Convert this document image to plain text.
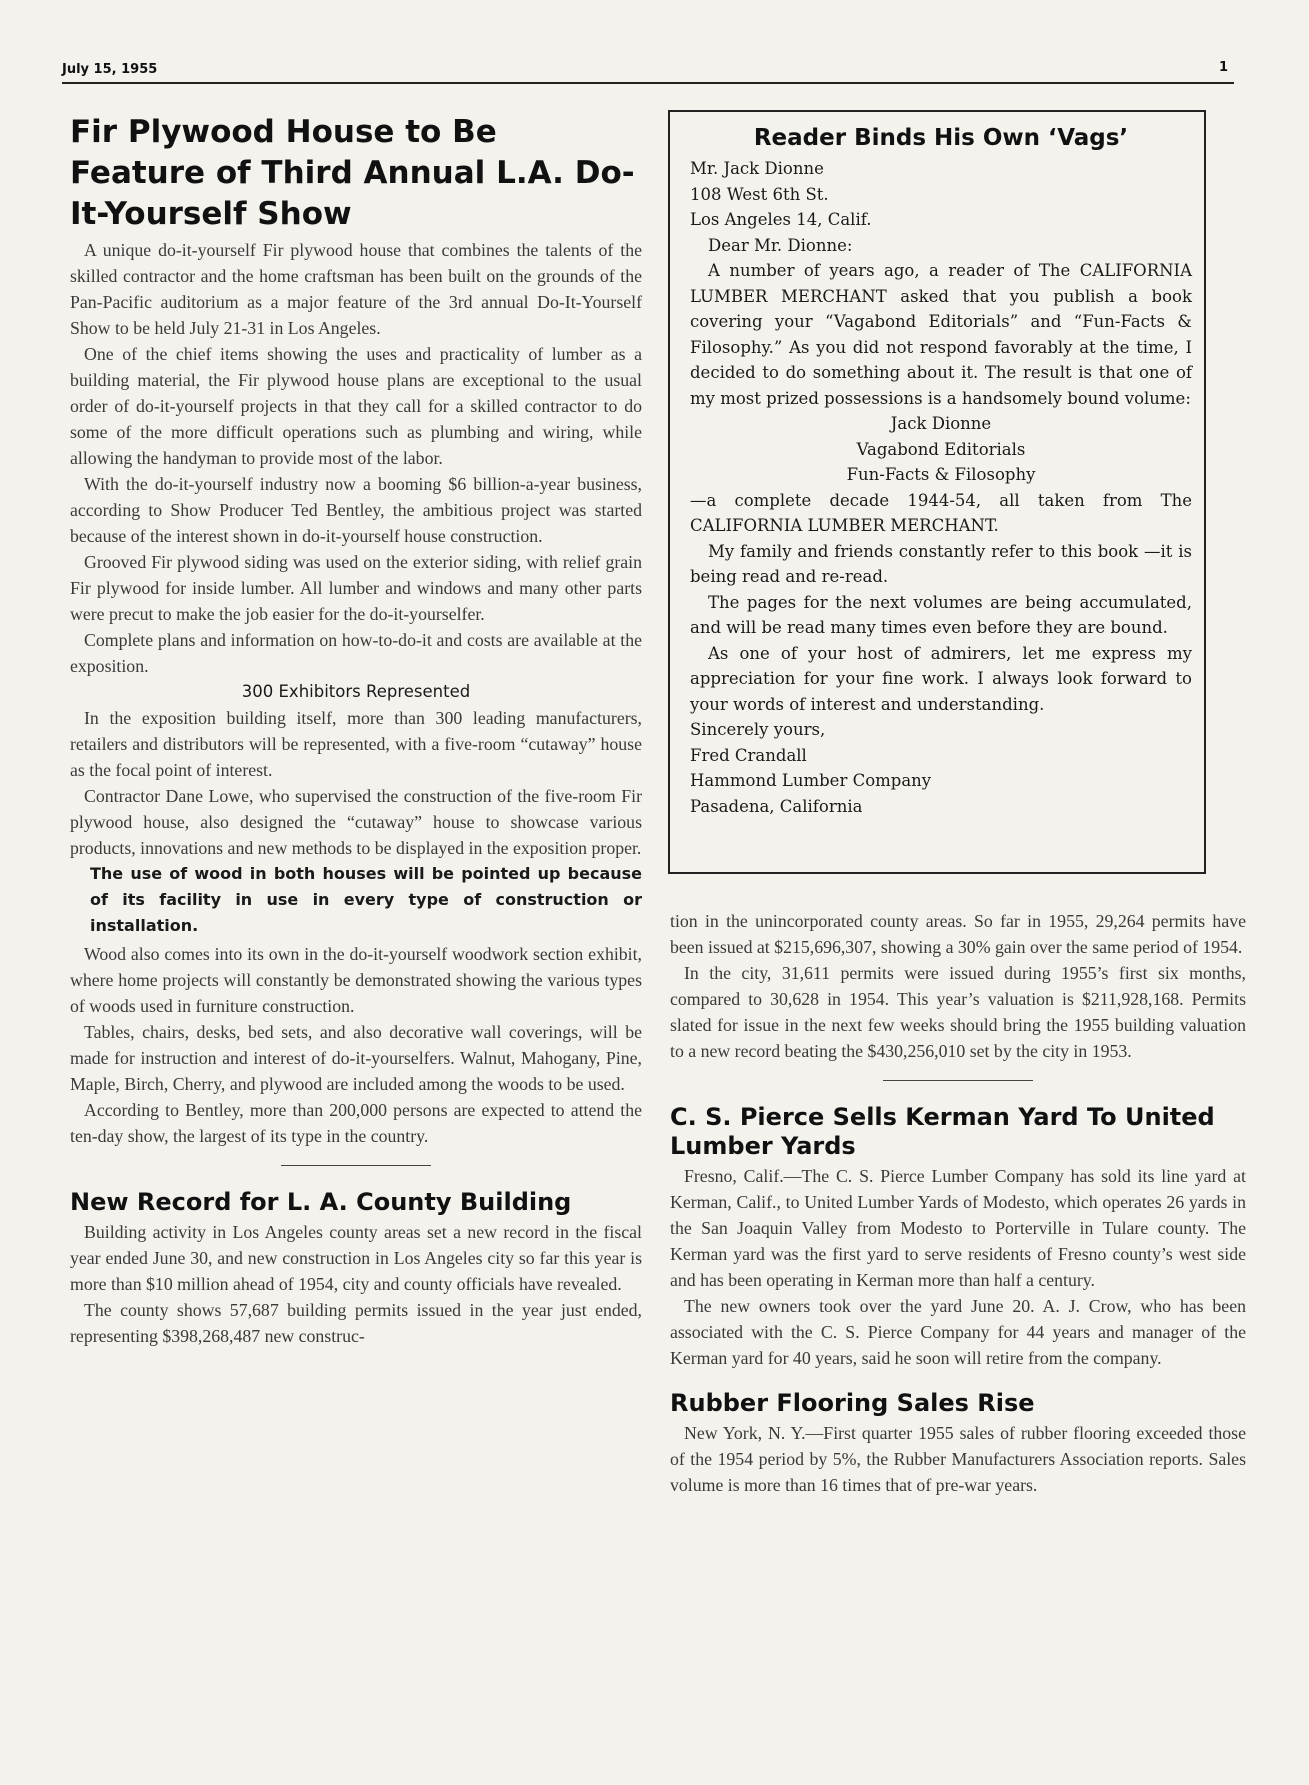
July 15, 1955	1
Fir Plywood House to Be Feature of Third Annual L.A. Do-It-Yourself Show

A unique do-it-yourself Fir plywood house that combines the talents of the skilled contractor and the home craftsman has been built on the grounds of the Pan-Pacific auditorium as a major feature of the 3rd annual Do-It-Yourself Show to be held July 21-31 in Los Angeles.

One of the chief items showing the uses and practicality of lumber as a building material, the Fir plywood house plans are exceptional to the usual order of do-it-yourself projects in that they call for a skilled contractor to do some of the more difficult operations such as plumbing and wiring, while allowing the handyman to provide most of the labor.

With the do-it-yourself industry now a booming $6 billion-a-year business, according to Show Producer Ted Bentley, the ambitious project was started because of the interest shown in do-it-yourself house construction.

Grooved Fir plywood siding was used on the exterior siding, with relief grain Fir plywood for inside lumber. All lumber and windows and many other parts were precut to make the job easier for the do-it-yourselfer.

Complete plans and information on how-to-do-it and costs are available at the exposition.

300 Exhibitors Represented

In the exposition building itself, more than 300 leading manufacturers, retailers and distributors will be represented, with a five-room “cutaway” house as the focal point of interest.

Contractor Dane Lowe, who supervised the construction of the five-room Fir plywood house, also designed the “cutaway” house to showcase various products, innovations and new methods to be displayed in the exposition proper.

The use of wood in both houses will be pointed up because of its facility in use in every type of construction or installation.

Wood also comes into its own in the do-it-yourself woodwork section exhibit, where home projects will constantly be demonstrated showing the various types of woods used in furniture construction.

Tables, chairs, desks, bed sets, and also decorative wall coverings, will be made for instruction and interest of do-it-yourselfers. Walnut, Mahogany, Pine, Maple, Birch, Cherry, and plywood are included among the woods to be used.

According to Bentley, more than 200,000 persons are expected to attend the ten-day show, the largest of its type in the country.

New Record for L. A. County Building

Building activity in Los Angeles county areas set a new record in the fiscal year ended June 30, and new construction in Los Angeles city so far this year is more than $10 million ahead of 1954, city and county officials have revealed.

The county shows 57,687 building permits issued in the year just ended, representing $398,268,487 new construc-

Reader Binds His Own ‘Vags’
Mr. Jack Dionne
108 West 6th St.
Los Angeles 14, Calif.
Dear Mr. Dionne:

A number of years ago, a reader of The CALIFORNIA LUMBER MERCHANT asked that you publish a book covering your “Vagabond Editorials” and “Fun-Facts & Filosophy.” As you did not respond favorably at the time, I decided to do something about it. The result is that one of my most prized possessions is a handsomely bound volume:

Jack Dionne
Vagabond Editorials
Fun-Facts & Filosophy

—a complete decade 1944-54, all taken from The CALIFORNIA LUMBER MERCHANT.

My family and friends constantly refer to this book —it is being read and re-read.

The pages for the next volumes are being accumulated, and will be read many times even before they are bound.

As one of your host of admirers, let me express my appreciation for your fine work. I always look forward to your words of interest and understanding.

Sincerely yours,
Fred Crandall
Hammond Lumber Company
Pasadena, California

tion in the unincorporated county areas. So far in 1955, 29,264 permits have been issued at $215,696,307, showing a 30% gain over the same period of 1954.

In the city, 31,611 permits were issued during 1955’s first six months, compared to 30,628 in 1954. This year’s valuation is $211,928,168. Permits slated for issue in the next few weeks should bring the 1955 building valuation to a new record beating the $430,256,010 set by the city in 1953.

C. S. Pierce Sells Kerman Yard To United Lumber Yards

Fresno, Calif.—The C. S. Pierce Lumber Company has sold its line yard at Kerman, Calif., to United Lumber Yards of Modesto, which operates 26 yards in the San Joaquin Valley from Modesto to Porterville in Tulare county. The Kerman yard was the first yard to serve residents of Fresno county’s west side and has been operating in Kerman more than half a century.

The new owners took over the yard June 20. A. J. Crow, who has been associated with the C. S. Pierce Company for 44 years and manager of the Kerman yard for 40 years, said he soon will retire from the company.

Rubber Flooring Sales Rise

New York, N. Y.—First quarter 1955 sales of rubber flooring exceeded those of the 1954 period by 5%, the Rubber Manufacturers Association reports. Sales volume is more than 16 times that of pre-war years.
